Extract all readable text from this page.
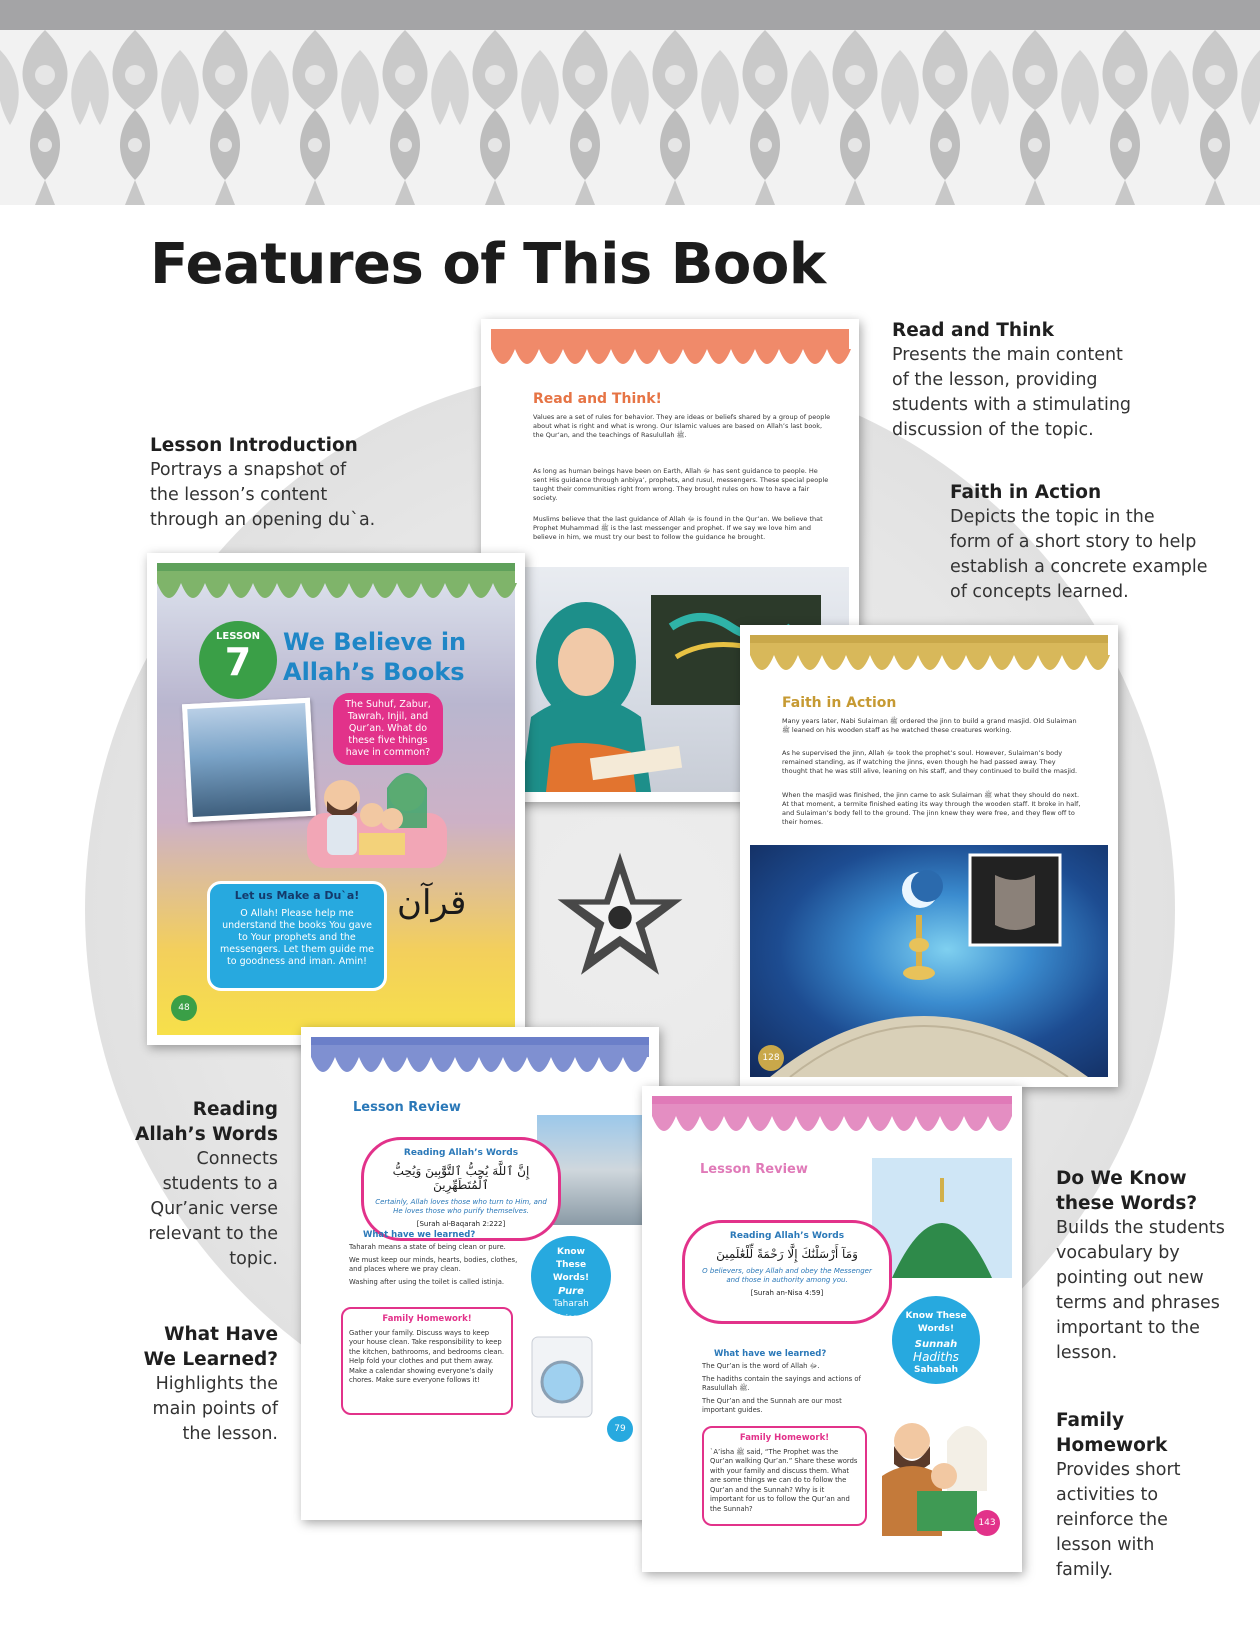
Features of This Book
Lesson Introduction
Portrays a snapshot of
the lesson’s content
through an opening du`a.
Read and Think
Presents the main content
of the lesson, providing
students with a stimulating
discussion of the topic.
Faith in Action
Depicts the topic in the
form of a short story to help
establish a concrete example
of concepts learned.
Reading
Allah’s Words
Connects
students to a
Qur’anic verse
relevant to the
topic.
What Have
We Learned?
Highlights the
main points of
the lesson.
Do We Know
these Words?
Builds the students
vocabulary by
pointing out new
terms and phrases
important to the
lesson.
Family
Homework
Provides short
activities to
reinforce the
lesson with
family.
Read and Think!
Values are a set of rules for behavior. They are ideas or beliefs shared by a group of people about what is right and what is wrong. Our Islamic values are based on Allah’s last book, the Qur’an, and the teachings of Rasulullah ﷺ.
As long as human beings have been on Earth, Allah ﷻ has sent guidance to people. He sent His guidance through anbiya’, prophets, and rusul, messengers. These special people taught their communities right from wrong. They brought rules on how to have a fair society.
Muslims believe that the last guidance of Allah ﷻ is found in the Qur’an. We believe that Prophet Muhammad ﷺ is the last messenger and prophet. If we say we love him and believe in him, we must try our best to follow the guidance he brought.
LESSON
7	We Believe in Allah’s Books
The Suhuf, Zabur, Tawrah, Injil, and Qur’an. What do these five things have in common?
Let us Make a Du`a!
O Allah! Please help me understand the books You gave to Your prophets and the messengers. Let them guide me to goodness and iman. Amin!
قرآن
48
Faith in Action
Many years later, Nabi Sulaiman ﷺ ordered the jinn to build a grand masjid. Old Sulaiman ﷺ leaned on his wooden staff as he watched these creatures working.
As he supervised the jinn, Allah ﷻ took the prophet’s soul. However, Sulaiman’s body remained standing, as if watching the jinns, even though he had passed away. They thought that he was still alive, leaning on his staff, and they continued to build the masjid.
When the masjid was finished, the jinn came to ask Sulaiman ﷺ what they should do next. At that moment, a termite finished eating its way through the wooden staff. It broke in half, and Sulaiman’s body fell to the ground. The jinn knew they were free, and they flew off to their homes.
128
Lesson Review
Reading Allah’s Words
إِنَّ ٱللَّهَ يُحِبُّ ٱلتَّوَّٰبِينَ وَيُحِبُّ ٱلْمُتَطَهِّرِينَ
Certainly, Allah loves those who turn to Him, and He loves those who purify themselves.
[Surah al-Baqarah 2:222]
Know These Words!
Pure
Taharah
Najasah
What have we learned?
Taharah means a state of being clean or pure.
We must keep our minds, hearts, bodies, clothes, and places where we pray clean.
Washing after using the toilet is called istinja.
Family Homework!
Gather your family. Discuss ways to keep your house clean. Take responsibility to keep the kitchen, bathrooms, and bedrooms clean. Help fold your clothes and put them away. Make a calendar showing everyone’s daily chores. Make sure everyone follows it!
79
Lesson Review
Reading Allah’s Words
وَمَآ أَرْسَلْنَٰكَ إِلَّا رَحْمَةً لِّلْعَٰلَمِينَ
O believers, obey Allah and obey the Messenger and those in authority among you.
[Surah an-Nisa 4:59]
Know These Words!
Sunnah
Hadiths
Sahabah
What have we learned?
The Qur’an is the word of Allah ﷻ.
The hadiths contain the sayings and actions of Rasulullah ﷺ.
The Qur’an and the Sunnah are our most important guides.
Family Homework!
`A’isha ﷺ said, “The Prophet was the Qur’an walking Qur’an.” Share these words with your family and discuss them. What are some things we can do to follow the Qur’an and the Sunnah? Why is it important for us to follow the Qur’an and the Sunnah?
143
